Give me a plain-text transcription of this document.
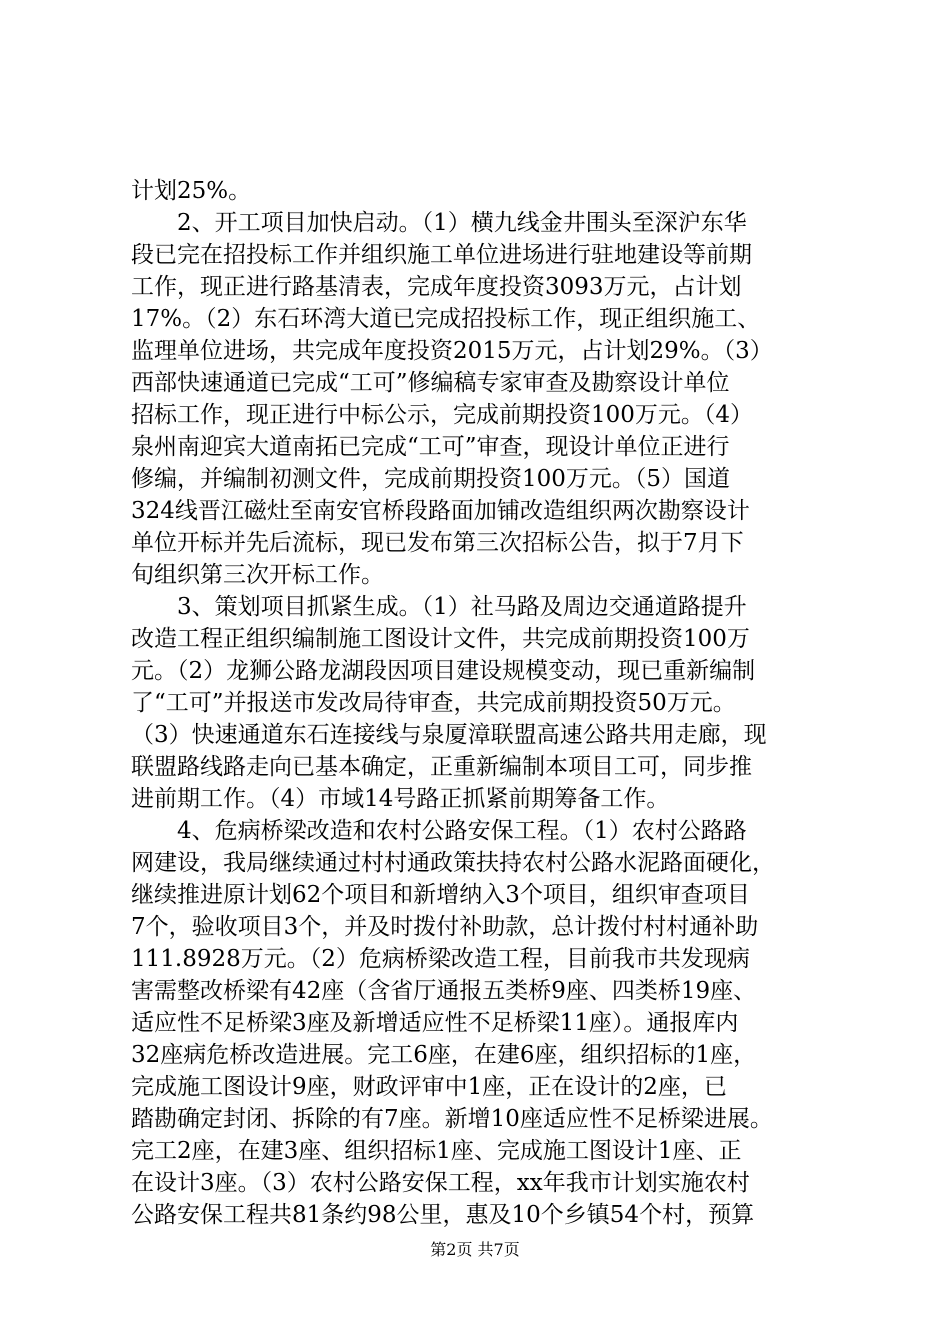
计划25%。
2、开工项目加快启动。（1）横九线金井围头至深沪东华
段已完在招投标工作并组织施工单位进场进行驻地建设等前期
工作，现正进行路基清表，完成年度投资3093万元，占计划
17%。（2）东石环湾大道已完成招投标工作，现正组织施工、
监理单位进场，共完成年度投资2015万元，占计划29%。（3）
西部快速通道已完成“工可”修编稿专家审查及勘察设计单位
招标工作，现正进行中标公示，完成前期投资100万元。（4）
泉州南迎宾大道南拓已完成“工可”审查，现设计单位正进行
修编，并编制初测文件，完成前期投资100万元。（5）国道
324线晋江磁灶至南安官桥段路面加铺改造组织两次勘察设计
单位开标并先后流标，现已发布第三次招标公告，拟于7月下
旬组织第三次开标工作。
3、策划项目抓紧生成。（1）社马路及周边交通道路提升
改造工程正组织编制施工图设计文件，共完成前期投资100万
元。（2）龙狮公路龙湖段因项目建设规模变动，现已重新编制
了“工可”并报送市发改局待审查，共完成前期投资50万元。
（3）快速通道东石连接线与泉厦漳联盟高速公路共用走廊，现
联盟路线路走向已基本确定，正重新编制本项目工可，同步推
进前期工作。（4）市域14号路正抓紧前期筹备工作。
4、危病桥梁改造和农村公路安保工程。（1）农村公路路
网建设，我局继续通过村村通政策扶持农村公路水泥路面硬化，
继续推进原计划62个项目和新增纳入3个项目，组织审查项目
7个，验收项目3个，并及时拨付补助款，总计拨付村村通补助
111.8928万元。（2）危病桥梁改造工程，目前我市共发现病
害需整改桥梁有42座（含省厅通报五类桥9座、四类桥19座、
适应性不足桥梁3座及新增适应性不足桥梁11座）。通报库内
32座病危桥改造进展。完工6座，在建6座，组织招标的1座，
完成施工图设计9座，财政评审中1座，正在设计的2座，已
踏勘确定封闭、拆除的有7座。新增10座适应性不足桥梁进展。
完工2座，在建3座、组织招标1座、完成施工图设计1座、正
在设计3座。（3）农村公路安保工程，xx年我市计划实施农村
公路安保工程共81条约98公里，惠及10个乡镇54个村，预算
第2页 共7页
